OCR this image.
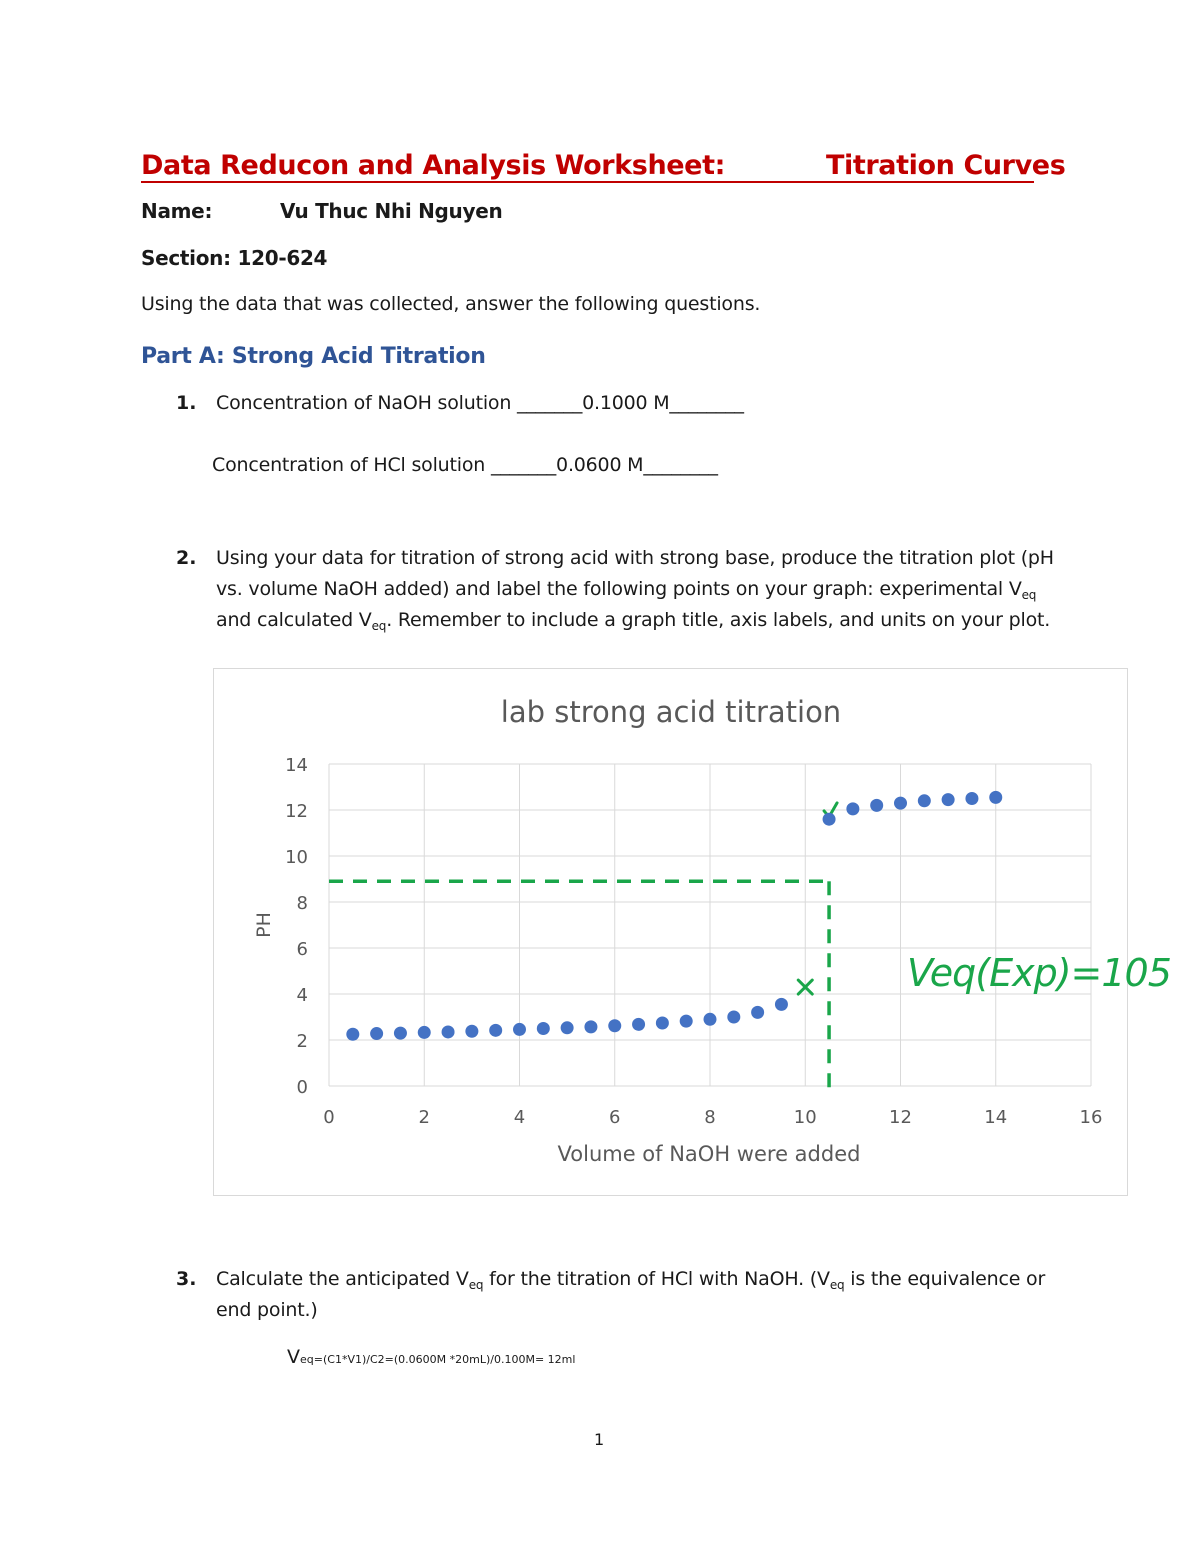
Data Reducon and Analysis Worksheet:	Titration Curves
Name:	Vu Thuc Nhi Nguyen
Section: 120-624
Using the data that was collected, answer the following questions.
Part A: Strong Acid Titration
1. Concentration of NaOH solution _______0.1000 M________
Concentration of HCl solution _______0.0600 M________
2. Using your data for titration of strong acid with strong base, produce the titration plot (pH vs. volume NaOH added) and label the following points on your graph: experimental $V_{eq}$ and calculated $V_{eq}$. Remember to include a graph title, axis labels, and units on your plot.
lab strong acid titration
0
2
4
6
8
10
12
14
0	2	4	6	8	10	12	14	16
Volume of NaOH were added
PH
Veq(Exp)=105
3. Calculate the anticipated $V_{eq}$ for the titration of HCl with NaOH. ($V_{eq}$ is the equivalence or end point.)
Veq=(C1*V1)/C2=(0.0600M *20mL)/0.100M= 12ml
1
